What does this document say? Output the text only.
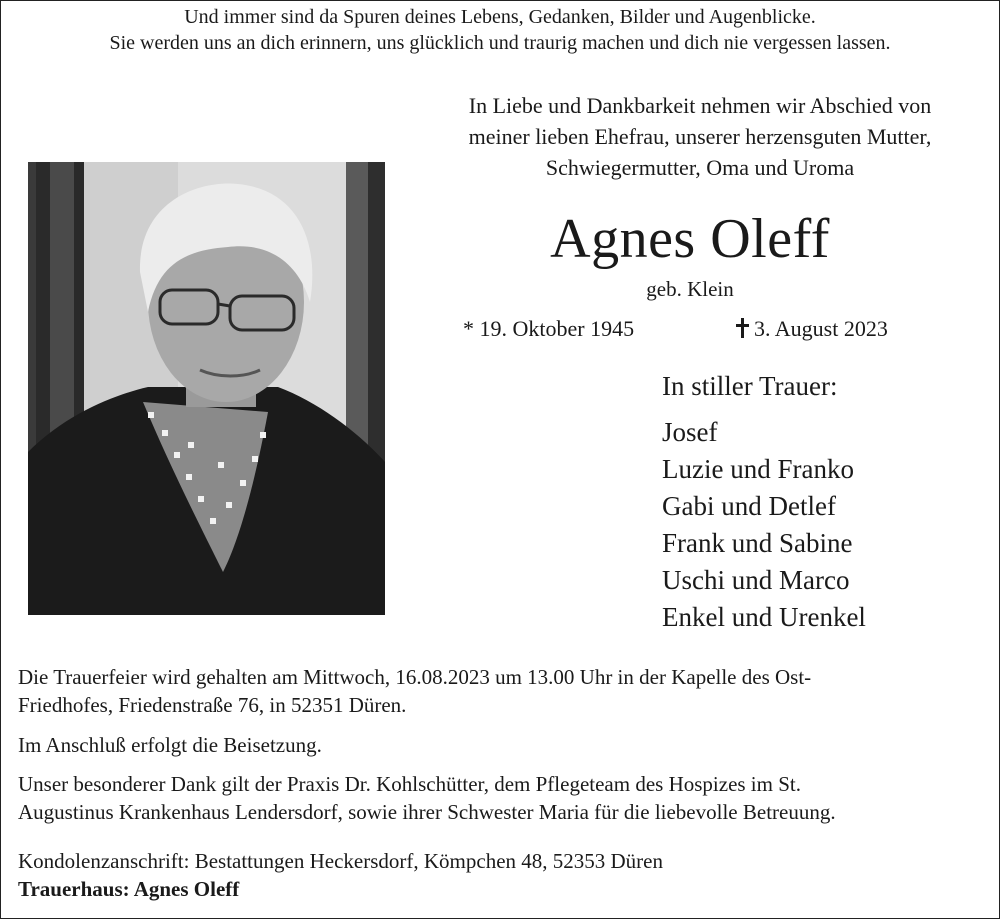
Und immer sind da Spuren deines Lebens, Gedanken, Bilder und Augenblicke.
Sie werden uns an dich erinnern, uns glücklich und traurig machen und dich nie vergessen lassen.
In Liebe und Dankbarkeit nehmen wir Abschied von
meiner lieben Ehefrau, unserer herzensguten Mutter,
Schwiegermutter, Oma und Uroma
Agnes Oleff
geb. Klein
* 19. Oktober 1945	3. August 2023
In stiller Trauer:
Josef
Luzie und Franko
Gabi und Detlef
Frank und Sabine
Uschi und Marco
Enkel und Urenkel

Die Trauerfeier wird gehalten am Mittwoch, 16.08.2023 um 13.00 Uhr in der Kapelle des Ost-
Friedhofes, Friedenstraße 76, in 52351 Düren.

Im Anschluß erfolgt die Beisetzung.

Unser besonderer Dank gilt der Praxis Dr. Kohlschütter, dem Pflegeteam des Hospizes im St.
Augustinus Krankenhaus Lendersdorf, sowie ihrer Schwester Maria für die liebevolle Betreuung.

Kondolenzanschrift: Bestattungen Heckersdorf, Kömpchen 48, 52353 Düren

Trauerhaus: Agnes Oleff
